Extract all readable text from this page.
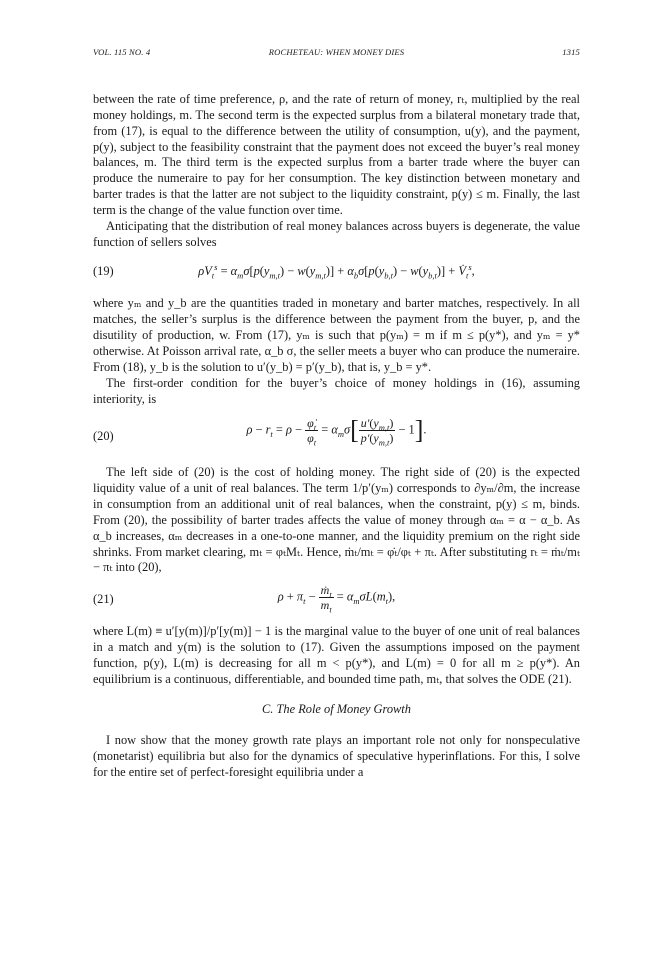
VOL. 115 NO. 4	ROCHETEAU: WHEN MONEY DIES	1315

between the rate of time preference, ρ, and the rate of return of money, rₜ, multiplied by the real money holdings, m. The second term is the expected surplus from a bilateral monetary trade that, from (17), is equal to the difference between the utility of consumption, u(y), and the payment, p(y), subject to the feasibility constraint that the payment does not exceed the buyer’s real money balances, m. The third term is the expected surplus from a barter trade where the buyer can produce the numeraire to pay for her consumption. The key distinction between monetary and barter trades is that the latter are not subject to the liquidity constraint, p(y) ≤ m. Finally, the last term is the change of the value function over time.

Anticipating that the distribution of real money balances across buyers is degenerate, the value function of sellers solves

(19)	$\rho V_t^s = \alpha_m\sigma[p(y_{m,t}) - w(y_{m,t})] + \alpha_b\sigma[p(y_{b,t}) - w(y_{b,t})]$ + $V̇_t^s$,

where yₘ and y_b are the quantities traded in monetary and barter matches, respectively. In all matches, the seller’s surplus is the difference between the payment from the buyer, p, and the disutility of production, w. From (17), yₘ is such that p(yₘ) = m if m ≤ p(y*), and yₘ = y* otherwise. At Poisson arrival rate, α_b σ, the seller meets a buyer who can produce the numeraire. From (18), y_b is the solution to u′(y_b) = p′(y_b), that is, y_b = y*.

The first-order condition for the buyer’s choice of money holdings in (16), assuming interiority, is

(20)	$\rho - r_t = \rho - \frac{\varphi̇_t}{\varphi_t} = \alpha_m\sigma[ \frac{u'(y_{m,t})}{p'(y_{m,t})} - 1]$.

The left side of (20) is the cost of holding money. The right side of (20) is the expected liquidity value of a unit of real balances. The term 1/p′(yₘ) corresponds to ∂yₘ/∂m, the increase in consumption from an additional unit of real balances, when the constraint, p(y) ≤ m, binds. From (20), the possibility of barter trades affects the value of money through αₘ = α − α_b. As α_b increases, αₘ decreases in a one-to-one manner, and the liquidity premium on the right side shrinks. From market clearing, mₜ = φₜMₜ. Hence, ṁₜ/mₜ = φ̇ₜ/φₜ + πₜ. After substituting rₜ = ṁₜ/mₜ − πₜ into (20),

(21)	$\rho + \pi_t - \frac{ṁ_t}{m_t} = \alpha_m\sigma L(m_t)$,

where L(m) ≡ u′[y(m)]/p′[y(m)] − 1 is the marginal value to the buyer of one unit of real balances in a match and y(m) is the solution to (17). Given the assumptions imposed on the payment function, p(y), L(m) is decreasing for all m < p(y*), and L(m) = 0 for all m ≥ p(y*). An equilibrium is a continuous, differentiable, and bounded time path, mₜ, that solves the ODE (21).

C. The Role of Money Growth

I now show that the money growth rate plays an important role not only for nonspeculative (monetarist) equilibria but also for the dynamics of speculative hyperinflations. For this, I solve for the entire set of perfect-foresight equilibria under a
